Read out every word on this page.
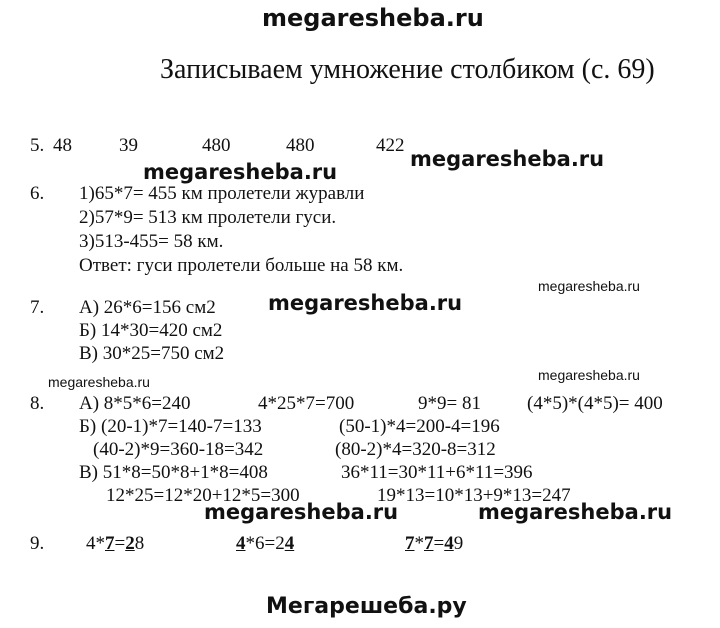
megaresheba.ru
Записываем умножение столбиком (с. 69)
5. 48 39	480	480	422
megaresheba.ru
megaresheba.ru
6. 1)65*7= 455 км пролетели журавли
2)57*9= 513 км пролетели гуси.
3)513-455= 58 км.
Ответ: гуси пролетели больше на 58 км.
megaresheba.ru
7. А) 26*6=156 см2 megaresheba.ru
Б) 14*30=420 см2
В) 30*25=750 см2
megaresheba.ru	megaresheba.ru
8. А) 8*5*6=240	4*25*7=700	9*9= 81 (4*5)*(4*5)= 400
Б) (20-1)*7=140-7=133	(50-1)*4=200-4=196
(40-2)*9=360-18=342	(80-2)*4=320-8=312
В) 51*8=50*8+1*8=408	36*11=30*11+6*11=396
12*25=12*20+12*5=300	19*13=10*13+9*13=247
megaresheba.ru	megaresheba.ru
9. 4*7=28	4*6=24	7*7=49
Мегарешеба.ру
